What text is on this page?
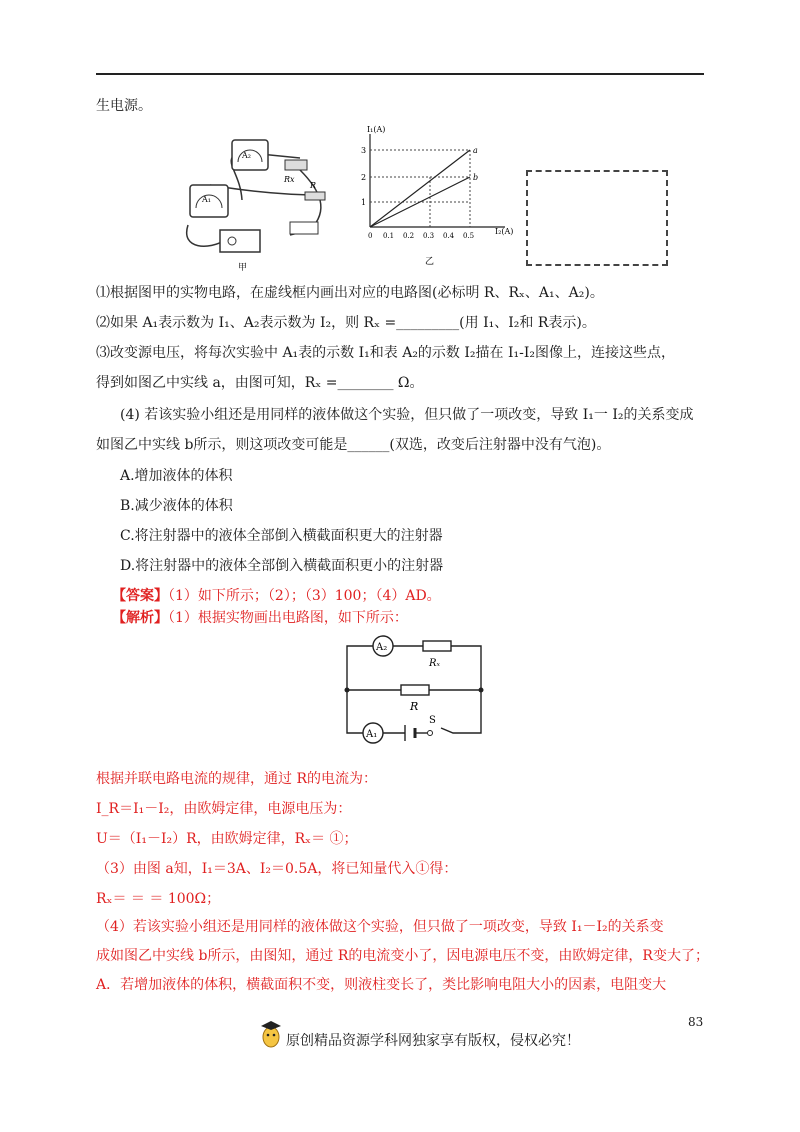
生电源。
A₂
A₁
Rx
R
甲
I₁(A)
I₂(A)
3
2
1
a
b
0 0.1 0.2 0.3 0.4 0.5
乙
⑴根据图甲的实物电路，在虚线框内画出对应的电路图(必标明 R、Rₓ、A₁、A₂)。
⑵如果 A₁表示数为 I₁、A₂表示数为 I₂，则 Rₓ =_________(用 I₁、I₂和 R表示)。
⑶改变源电压，将每次实验中 A₁表的示数 I₁和表 A₂的示数 I₂描在 I₁-I₂图像上，连接这些点，
得到如图乙中实线 a，由图可知，Rₓ =________ Ω。
(4) 若该实验小组还是用同样的液体做这个实验，但只做了一项改变，导致 I₁一 I₂的关系变成
如图乙中实线 b所示，则这项改变可能是______(双选，改变后注射器中没有气泡)。
A.增加液体的体积
B.减少液体的体积
C.将注射器中的液体全部倒入横截面积更大的注射器
D.将注射器中的液体全部倒入横截面积更小的注射器
【答案】（1）如下所示；（2）；（3）100；（4）AD。
【解析】（1）根据实物画出电路图，如下所示：
A₂
Rₓ
R
A₁
S
根据并联电路电流的规律，通过 R的电流为：
I_R＝I₁－I₂，由欧姆定律，电源电压为：
U＝（I₁－I₂）R，由欧姆定律，Rₓ＝ ①；
（3）由图 a知，I₁＝3A、I₂＝0.5A，将已知量代入①得：
Rₓ＝ ＝ ＝ 100Ω；
（4）若该实验小组还是用同样的液体做这个实验，但只做了一项改变，导致 I₁－I₂的关系变
成如图乙中实线 b所示，由图知，通过 R的电流变小了，因电源电压不变，由欧姆定律，R变大了；
A．若增加液体的体积，横截面积不变，则液柱变长了，类比影响电阻大小的因素，电阻变大
83
原创精品资源学科网独家享有版权，侵权必究！
